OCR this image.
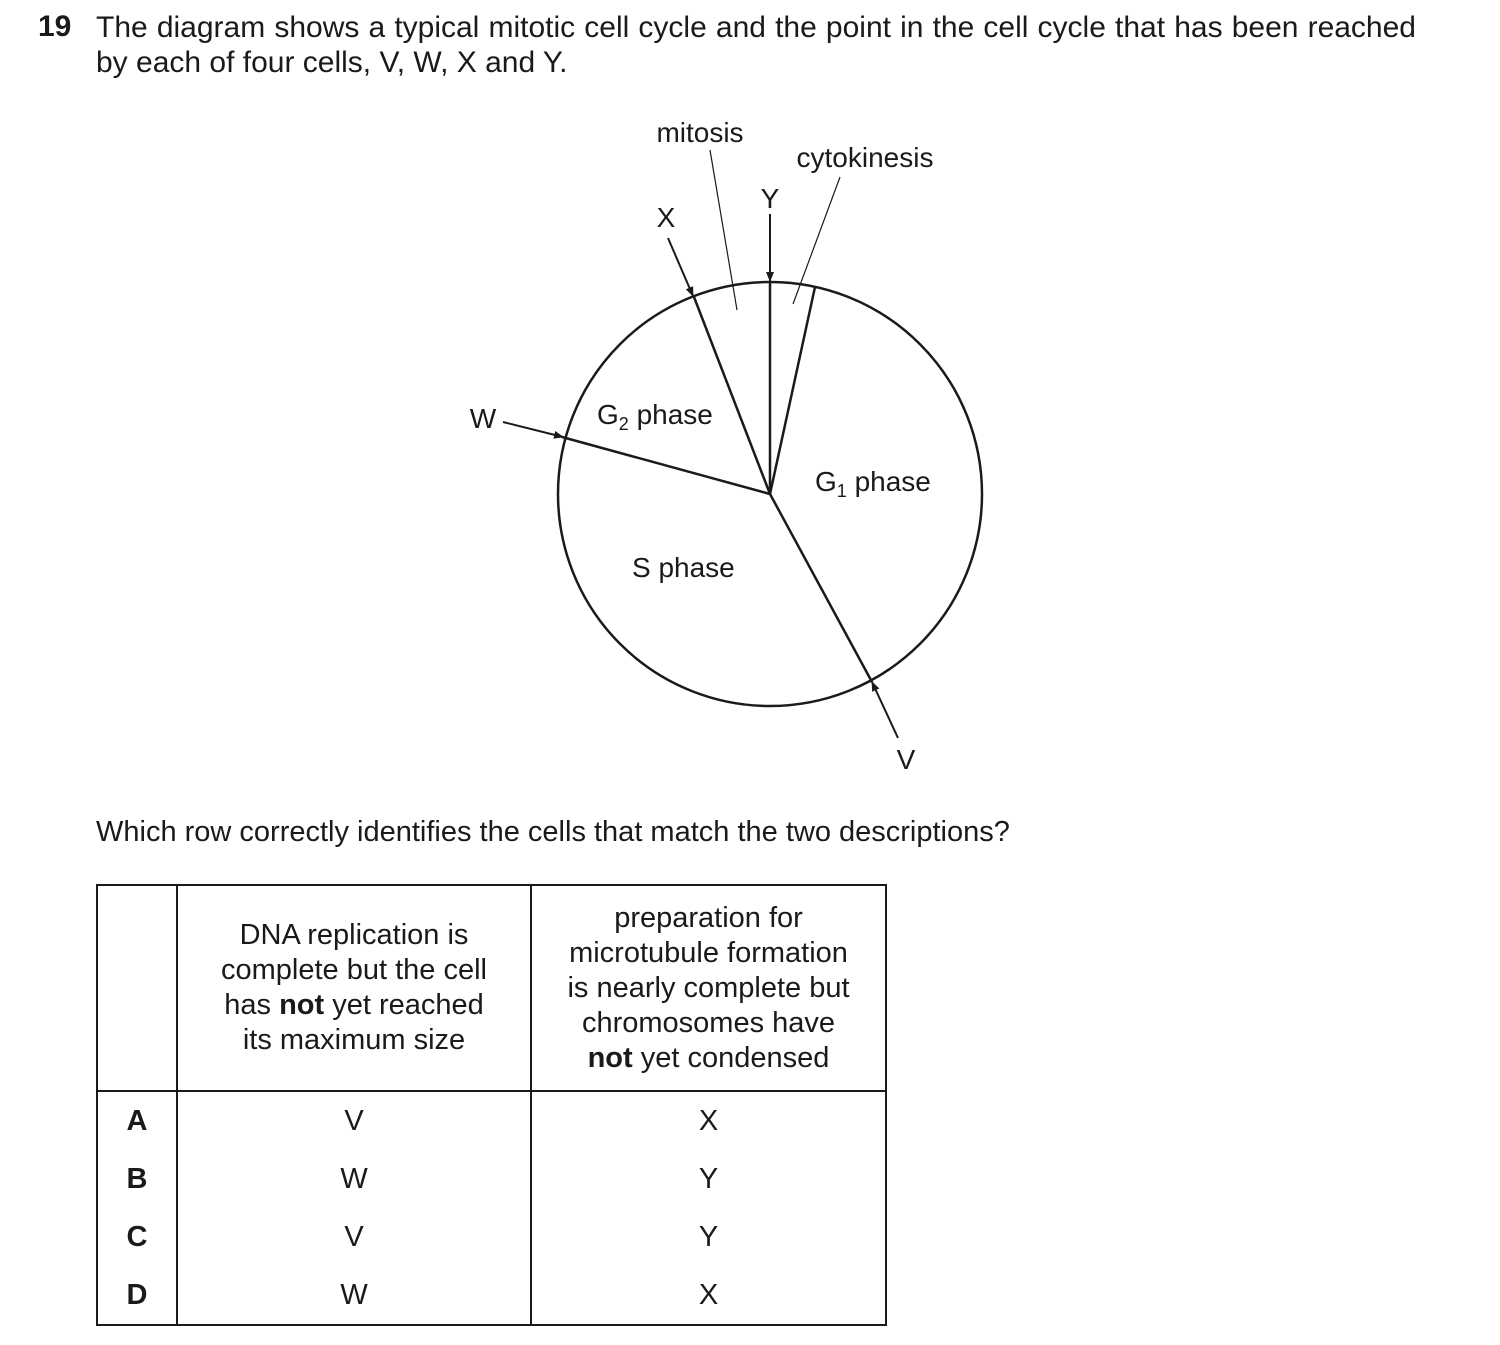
19 The diagram shows a typical mitotic cell cycle and the point in the cell cycle that has been reached by each of four cells, V, W, X and Y.
mitosis
cytokinesis
X
Y
W
V
$G_2$ phase
$G_1$ phase
S phase
Which row correctly identifies the cells that match the two descriptions?
	DNA replication is
complete but the cell
has not yet reached
its maximum size	preparation for
microtubule formation
is nearly complete but
chromosomes have
not yet condensed
A	V	X
B	W	Y
C	V	Y
D	W	X
